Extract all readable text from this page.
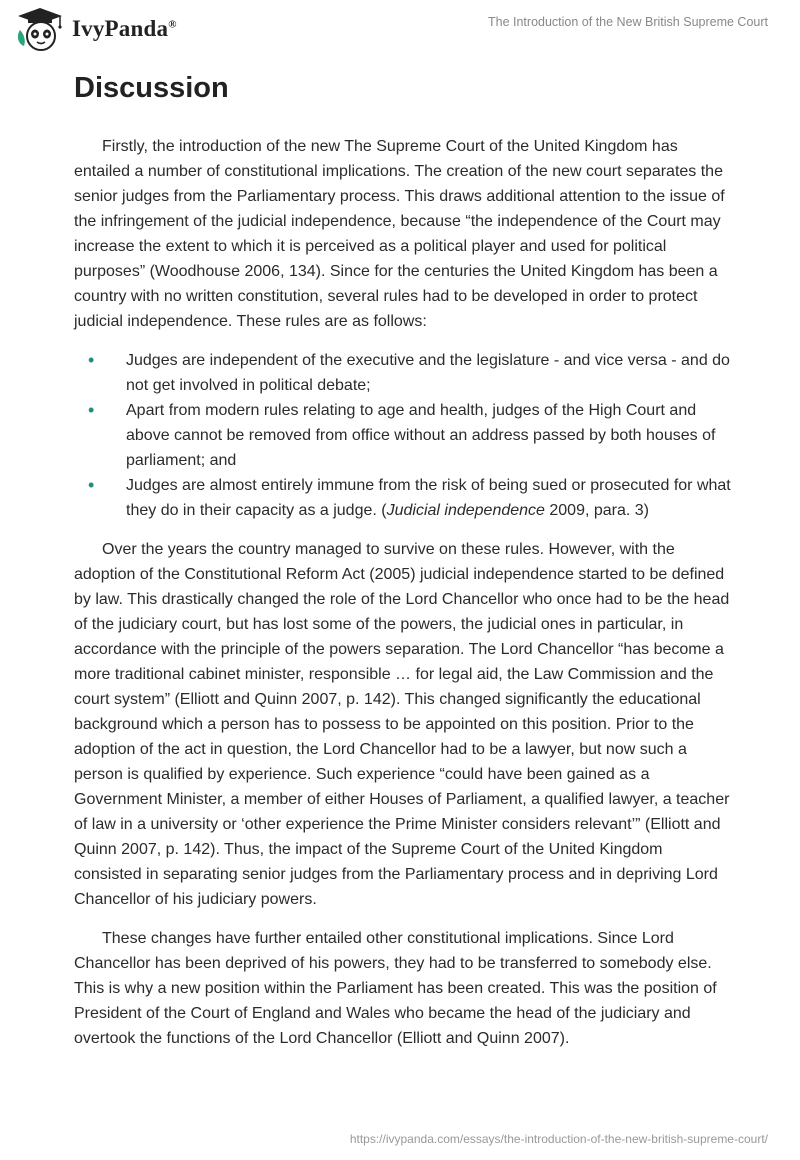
IvyPanda®	The Introduction of the New British Supreme Court
Discussion

Firstly, the introduction of the new The Supreme Court of the United Kingdom has entailed a number of constitutional implications. The creation of the new court separates the senior judges from the Parliamentary process. This draws additional attention to the issue of the infringement of the judicial independence, because “the independence of the Court may increase the extent to which it is perceived as a political player and used for political purposes” (Woodhouse 2006, 134). Since for the centuries the United Kingdom has been a country with no written constitution, several rules had to be developed in order to protect judicial independence. These rules are as follows:

• Judges are independent of the executive and the legislature - and vice versa - and do not get involved in political debate;
• Apart from modern rules relating to age and health, judges of the High Court and above cannot be removed from office without an address passed by both houses of parliament; and
• Judges are almost entirely immune from the risk of being sued or prosecuted for what they do in their capacity as a judge. (Judicial independence 2009, para. 3)

Over the years the country managed to survive on these rules. However, with the adoption of the Constitutional Reform Act (2005) judicial independence started to be defined by law. This drastically changed the role of the Lord Chancellor who once had to be the head of the judiciary court, but has lost some of the powers, the judicial ones in particular, in accordance with the principle of the powers separation. The Lord Chancellor “has become a more traditional cabinet minister, responsible … for legal aid, the Law Commission and the court system” (Elliott and Quinn 2007, p. 142). This changed significantly the educational background which a person has to possess to be appointed on this position. Prior to the adoption of the act in question, the Lord Chancellor had to be a lawyer, but now such a person is qualified by experience. Such experience “could have been gained as a Government Minister, a member of either Houses of Parliament, a qualified lawyer, a teacher of law in a university or ‘other experience the Prime Minister considers relevant’” (Elliott and Quinn 2007, p. 142). Thus, the impact of the Supreme Court of the United Kingdom consisted in separating senior judges from the Parliamentary process and in depriving Lord Chancellor of his judiciary powers.

These changes have further entailed other constitutional implications. Since Lord Chancellor has been deprived of his powers, they had to be transferred to somebody else. This is why a new position within the Parliament has been created. This was the position of President of the Court of England and Wales who became the head of the judiciary and overtook the functions of the Lord Chancellor (Elliott and Quinn 2007).

https://ivypanda.com/essays/the-introduction-of-the-new-british-supreme-court/
